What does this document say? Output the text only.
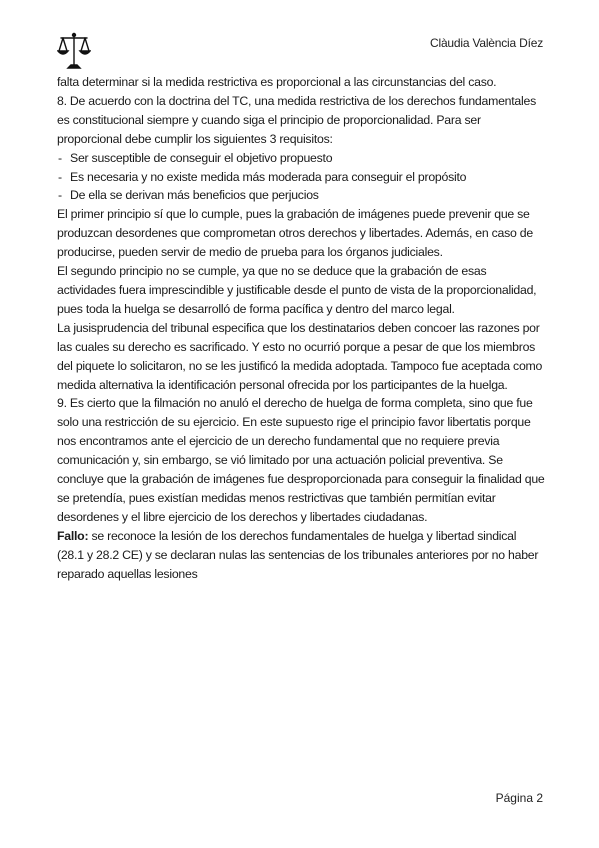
Clàudia València Díez

falta determinar si la medida restrictiva es proporcional a las circunstancias del caso.

8. De acuerdo con la doctrina del TC, una medida restrictiva de los derechos fundamentales es constitucional siempre y cuando siga el principio de proporcionalidad. Para ser proporcional debe cumplir los siguientes 3 requisitos:

- Ser susceptible de conseguir el objetivo propuesto
- Es necesaria y no existe medida más moderada para conseguir el propósito
- De ella se derivan más beneficios que perjucios

El primer principio sí que lo cumple, pues la grabación de imágenes puede prevenir que se produzcan desordenes que comprometan otros derechos y libertades. Además, en caso de producirse, pueden servir de medio de prueba para los órganos judiciales.

El segundo principio no se cumple, ya que no se deduce que la grabación de esas actividades fuera imprescindible y justificable desde el punto de vista de la proporcionalidad, pues toda la huelga se desarrolló de forma pacífica y dentro del marco legal.

La jusisprudencia del tribunal especifica que los destinatarios deben concoer las razones por las cuales su derecho es sacrificado. Y esto no ocurrió porque a pesar de que los miembros del piquete lo solicitaron, no se les justificó la medida adoptada. Tampoco fue aceptada como medida alternativa la identificación personal ofrecida por los participantes de la huelga.

9. Es cierto que la filmación no anuló el derecho de huelga de forma completa, sino que fue solo una restricción de su ejercicio. En este supuesto rige el principio favor libertatis porque nos encontramos ante el ejercicio de un derecho fundamental que no requiere previa comunicación y, sin embargo, se vió limitado por una actuación policial preventiva. Se concluye que la grabación de imágenes fue desproporcionada para conseguir la finalidad que se pretendía, pues existían medidas menos restrictivas que también permitían evitar desordenes y el libre ejercicio de los derechos y libertades ciudadanas.

Fallo: se reconoce la lesión de los derechos fundamentales de huelga y libertad sindical (28.1 y 28.2 CE) y se declaran nulas las sentencias de los tribunales anteriores por no haber reparado aquellas lesiones

Página 2
